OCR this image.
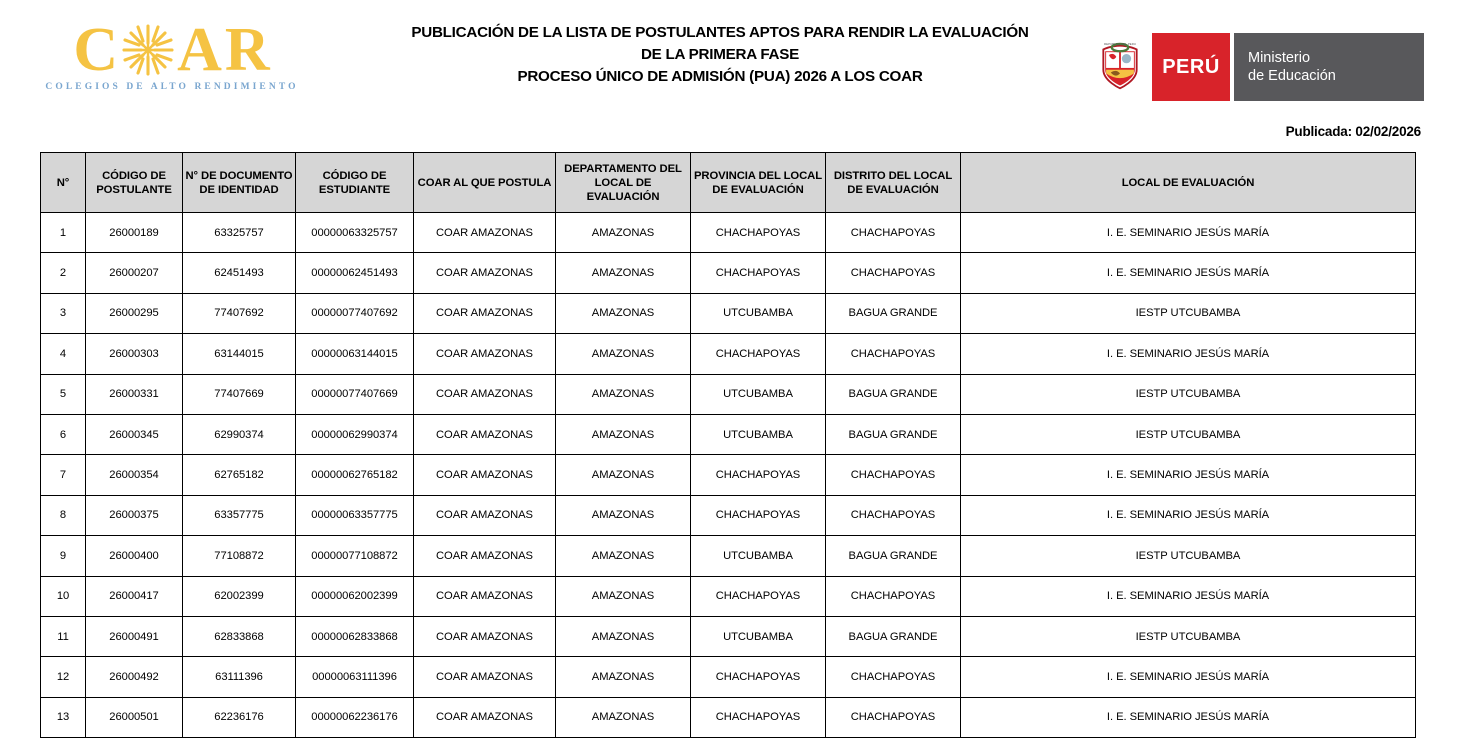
C A R
COLEGIOS DE ALTO RENDIMIENTO
PUBLICACIÓN DE LA LISTA DE POSTULANTES APTOS PARA RENDIR LA EVALUACIÓN
DE LA PRIMERA FASE
PROCESO ÚNICO DE ADMISIÓN (PUA) 2026 A LOS COAR
REPUBLICA DEL PERU
PERÚ	Ministerio
de Educación
Publicada: 02/02/2026
N°	CÓDIGO DE POSTULANTE	N° DE DOCUMENTO DE IDENTIDAD	CÓDIGO DE ESTUDIANTE	COAR AL QUE POSTULA	DEPARTAMENTO DEL LOCAL DE EVALUACIÓN	PROVINCIA DEL LOCAL DE EVALUACIÓN	DISTRITO DEL LOCAL DE EVALUACIÓN	LOCAL DE EVALUACIÓN
1	26000189	63325757	00000063325757	COAR AMAZONAS	AMAZONAS	CHACHAPOYAS	CHACHAPOYAS	I. E. SEMINARIO JESÚS MARÍA
2	26000207	62451493	00000062451493	COAR AMAZONAS	AMAZONAS	CHACHAPOYAS	CHACHAPOYAS	I. E. SEMINARIO JESÚS MARÍA
3	26000295	77407692	00000077407692	COAR AMAZONAS	AMAZONAS	UTCUBAMBA	BAGUA GRANDE	IESTP UTCUBAMBA
4	26000303	63144015	00000063144015	COAR AMAZONAS	AMAZONAS	CHACHAPOYAS	CHACHAPOYAS	I. E. SEMINARIO JESÚS MARÍA
5	26000331	77407669	00000077407669	COAR AMAZONAS	AMAZONAS	UTCUBAMBA	BAGUA GRANDE	IESTP UTCUBAMBA
6	26000345	62990374	00000062990374	COAR AMAZONAS	AMAZONAS	UTCUBAMBA	BAGUA GRANDE	IESTP UTCUBAMBA
7	26000354	62765182	00000062765182	COAR AMAZONAS	AMAZONAS	CHACHAPOYAS	CHACHAPOYAS	I. E. SEMINARIO JESÚS MARÍA
8	26000375	63357775	00000063357775	COAR AMAZONAS	AMAZONAS	CHACHAPOYAS	CHACHAPOYAS	I. E. SEMINARIO JESÚS MARÍA
9	26000400	77108872	00000077108872	COAR AMAZONAS	AMAZONAS	UTCUBAMBA	BAGUA GRANDE	IESTP UTCUBAMBA
10	26000417	62002399	00000062002399	COAR AMAZONAS	AMAZONAS	CHACHAPOYAS	CHACHAPOYAS	I. E. SEMINARIO JESÚS MARÍA
11	26000491	62833868	00000062833868	COAR AMAZONAS	AMAZONAS	UTCUBAMBA	BAGUA GRANDE	IESTP UTCUBAMBA
12	26000492	63111396	00000063111396	COAR AMAZONAS	AMAZONAS	CHACHAPOYAS	CHACHAPOYAS	I. E. SEMINARIO JESÚS MARÍA
13	26000501	62236176	00000062236176	COAR AMAZONAS	AMAZONAS	CHACHAPOYAS	CHACHAPOYAS	I. E. SEMINARIO JESÚS MARÍA
